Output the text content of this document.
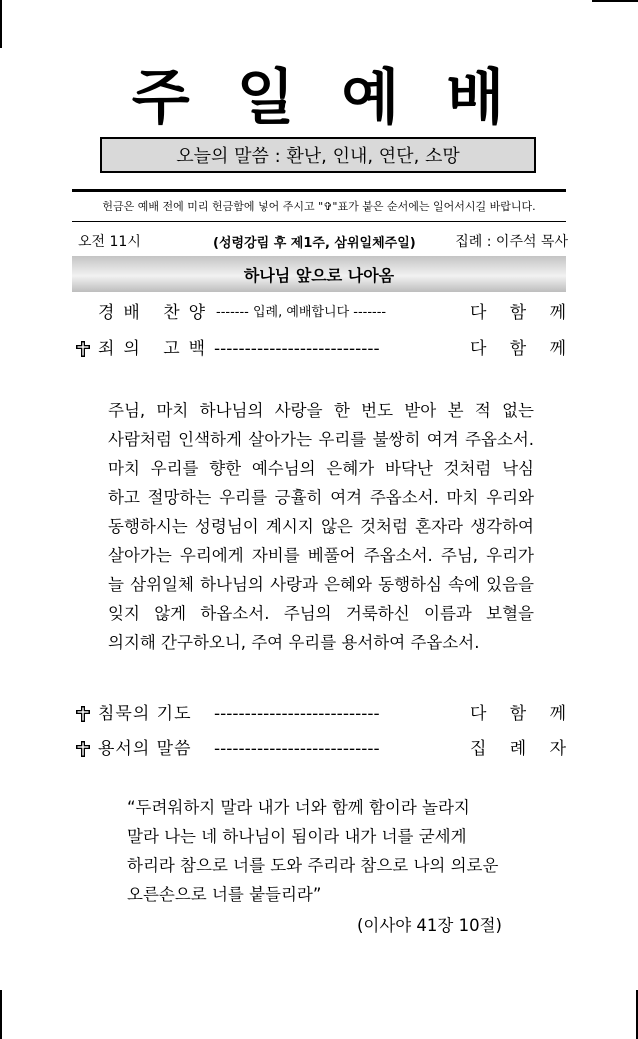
주 일 예 배
오늘의 말씀 : 환난, 인내, 연단, 소망
헌금은 예배 전에 미리 헌금함에 넣어 주시고 "✞"표가 붙은 순서에는 일어서시길 바랍니다.
오전 11시	(성령강림 후 제1주, 삼위일체주일)	집례 : 이주석 목사
하나님 앞으로 나아옴
경배 찬양 ------- 입례, 예배합니다 -------	다 함 께
죄의 고백 ---------------------------	다 함 께

주님, 마치 하나님의 사랑을 한 번도 받아 본 적 없는

사람처럼 인색하게 살아가는 우리를 불쌍히 여겨 주옵소서.

마치 우리를 향한 예수님의 은혜가 바닥난 것처럼 낙심

하고 절망하는 우리를 긍휼히 여겨 주옵소서. 마치 우리와

동행하시는 성령님이 계시지 않은 것처럼 혼자라 생각하여

살아가는 우리에게 자비를 베풀어 주옵소서. 주님, 우리가

늘 삼위일체 하나님의 사랑과 은혜와 동행하심 속에 있음을

잊지 않게 하옵소서. 주님의 거룩하신 이름과 보혈을

의지해 간구하오니, 주여 우리를 용서하여 주옵소서.

침묵의 기도 ---------------------------	다 함 께
용서의 말씀 ---------------------------	집 례 자

“두려워하지 말라 내가 너와 함께 함이라 놀라지

말라 나는 네 하나님이 됨이라 내가 너를 굳세게

하리라 참으로 너를 도와 주리라 참으로 나의 의로운

오른손으로 너를 붙들리라”

(이사야 41장 10절)
